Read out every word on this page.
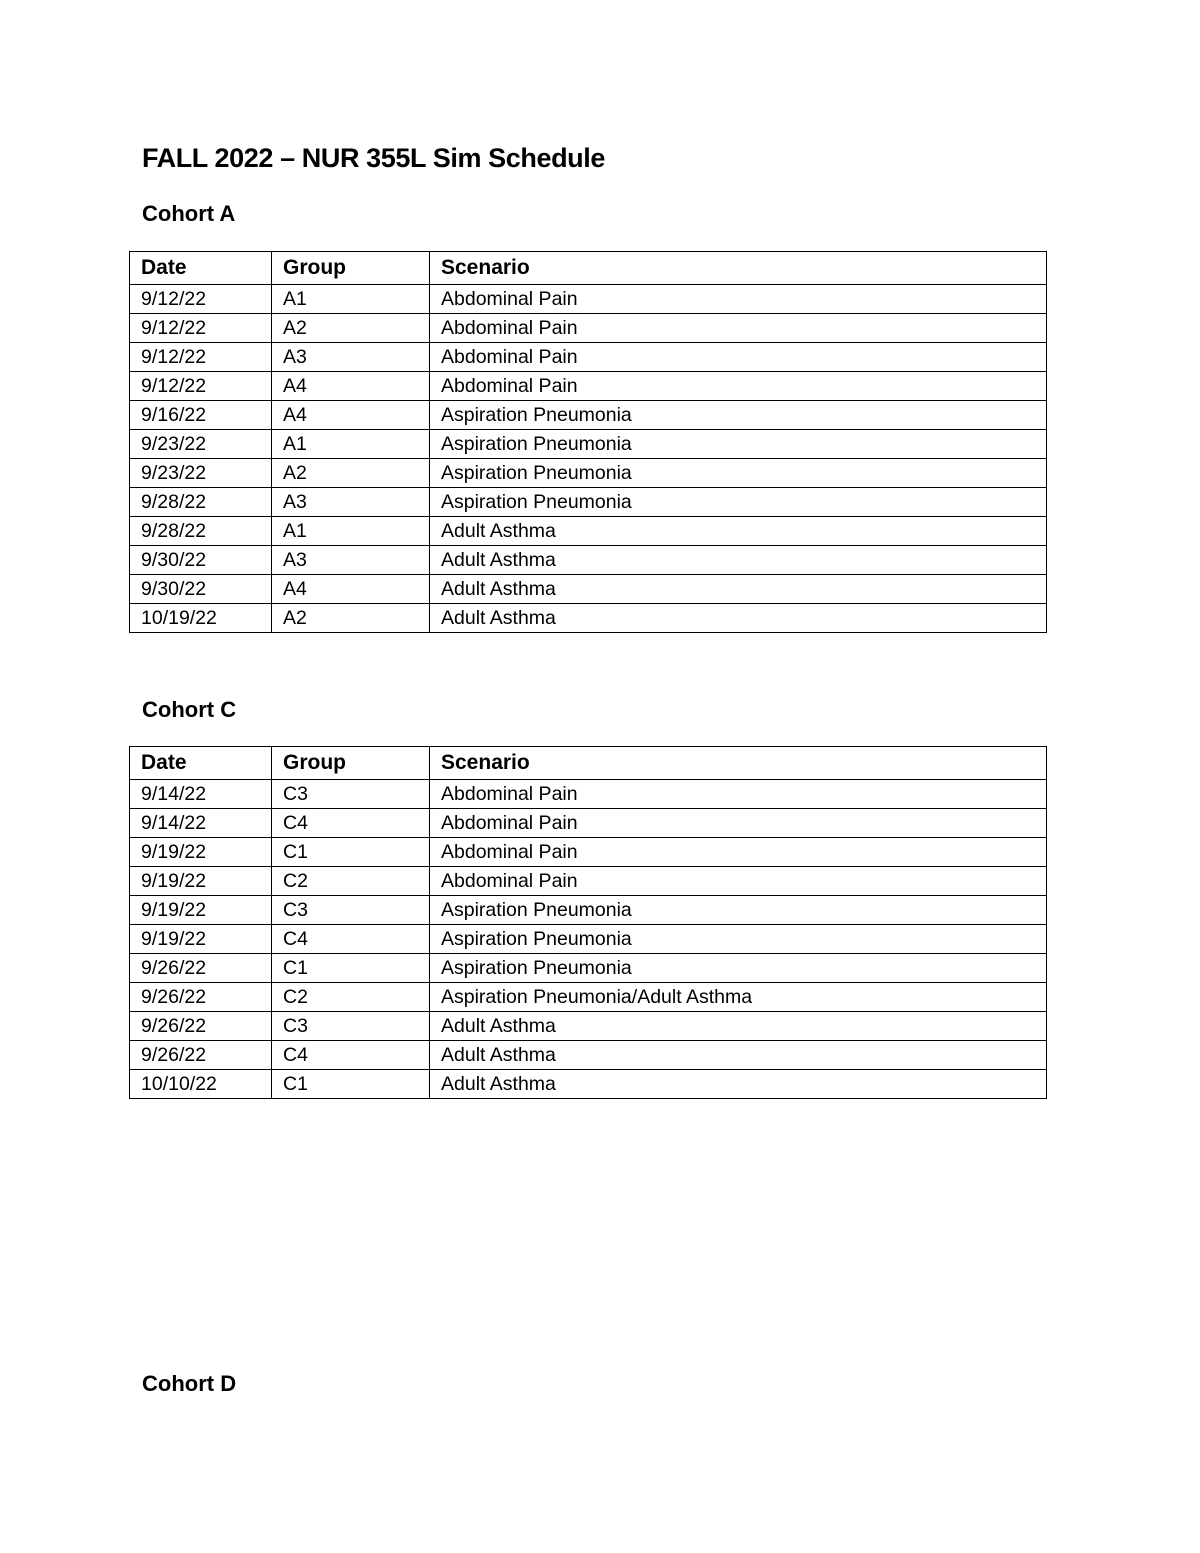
FALL 2022 – NUR 355L Sim Schedule
Cohort A
Date	Group	Scenario
9/12/22	A1	Abdominal Pain
9/12/22	A2	Abdominal Pain
9/12/22	A3	Abdominal Pain
9/12/22	A4	Abdominal Pain
9/16/22	A4	Aspiration Pneumonia
9/23/22	A1	Aspiration Pneumonia
9/23/22	A2	Aspiration Pneumonia
9/28/22	A3	Aspiration Pneumonia
9/28/22	A1	Adult Asthma
9/30/22	A3	Adult Asthma
9/30/22	A4	Adult Asthma
10/19/22	A2	Adult Asthma
Cohort C
Date	Group	Scenario
9/14/22	C3	Abdominal Pain
9/14/22	C4	Abdominal Pain
9/19/22	C1	Abdominal Pain
9/19/22	C2	Abdominal Pain
9/19/22	C3	Aspiration Pneumonia
9/19/22	C4	Aspiration Pneumonia
9/26/22	C1	Aspiration Pneumonia
9/26/22	C2	Aspiration Pneumonia/Adult Asthma
9/26/22	C3	Adult Asthma
9/26/22	C4	Adult Asthma
10/10/22	C1	Adult Asthma
Cohort D
